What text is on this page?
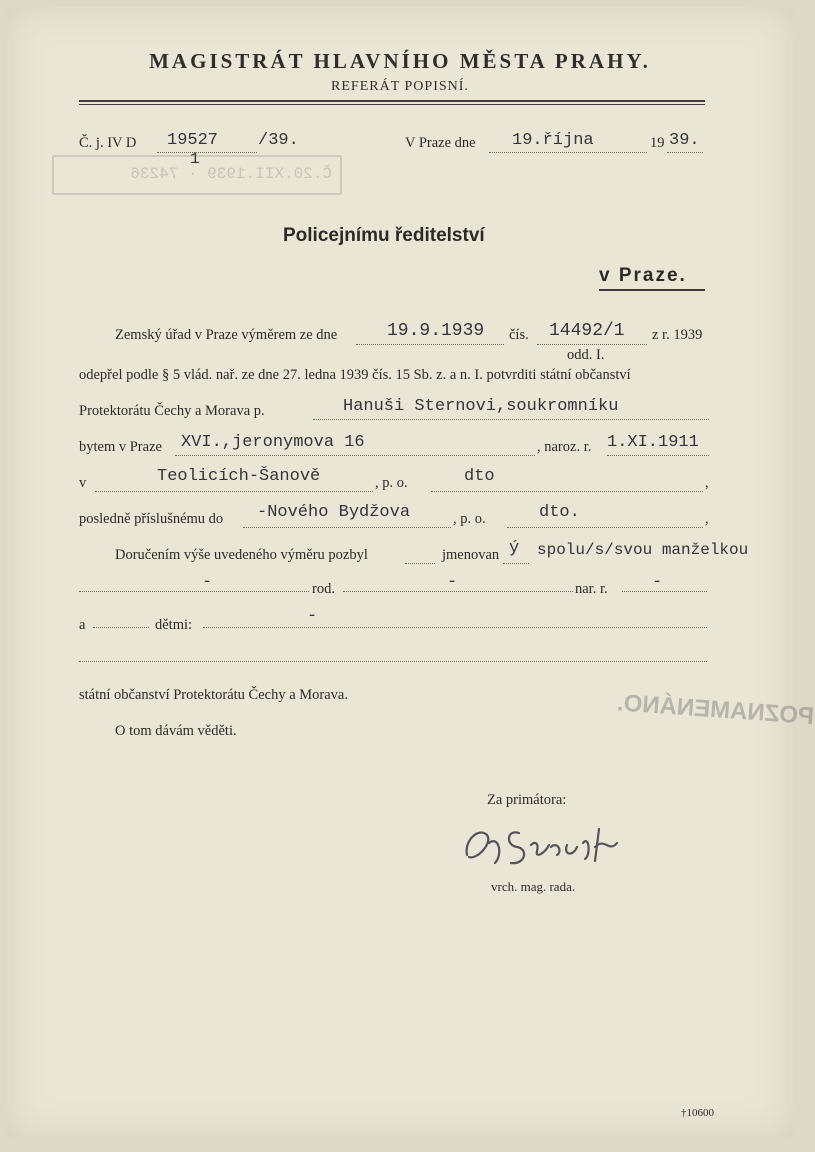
Č.20.XII.1939 · 74236
POZNAMENÁNO.
MAGISTRÁT HLAVNÍHO MĚSTA PRAHY.
REFERÁT POPISNÍ.
Č. j. IV D 19527
1
/39.	V Praze dne 19.října	19 39.
Policejnímu ředitelství
v Praze.
Zemský úřad v Praze výměrem ze dne	19.9.1939 čís. 14492/1 z r. 1939
odd. I.
odepřel podle § 5 vlád. nař. ze dne 27. ledna 1939 čís. 15 Sb. z. a n. I. potvrditi státní občanství
Protektorátu Čechy a Morava p.	Hanuši Sternovi,soukromníku
bytem v Praze XVI.,jeronymova 16	, naroz. r. 1.XI.1911
v	Teolicích-Šanově	, p. o.	dto	,
posledně příslušnému do -Nového Bydžova	, p. o.	dto.	,
Doručením výše uvedeného výměru pozbyl	jmenovan ý spolu/s/svou manželkou
-	rod.	-	nar. r.	-
a	dětmi:	-
státní občanství Protektorátu Čechy a Morava.
O tom dávám věděti.
Za primátora:
vrch. mag. rada.
†10600
